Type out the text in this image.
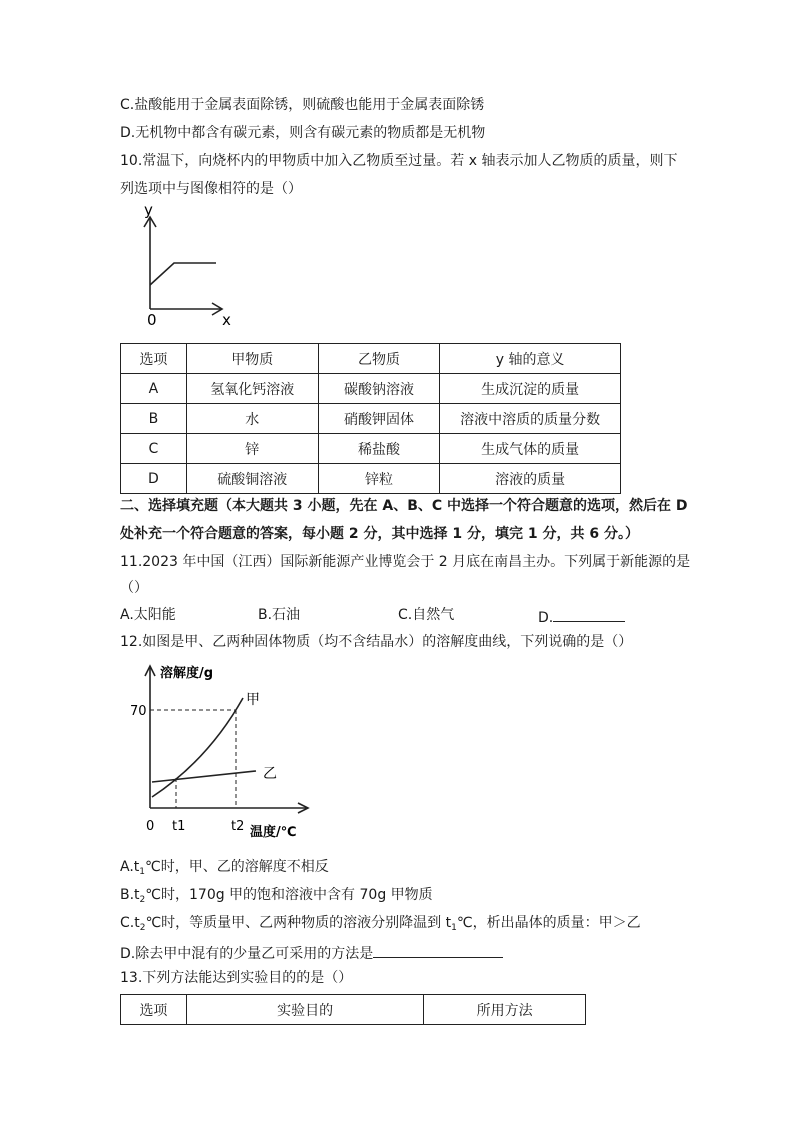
C.盐酸能用于金属表面除锈，则硫酸也能用于金属表面除锈
D.无机物中都含有碳元素，则含有碳元素的物质都是无机物
10.常温下，向烧杯内的甲物质中加入乙物质至过量。若 x 轴表示加人乙物质的质量，则下
列选项中与图像相符的是（）
y
x
0
选项	甲物质	乙物质	y 轴的意义
A	氢氧化钙溶液	碳酸钠溶液	生成沉淀的质量
B	水	硝酸钾固体	溶液中溶质的质量分数
C	锌	稀盐酸	生成气体的质量
D	硫酸铜溶液	锌粒	溶液的质量
二、选择填充题（本大题共 3 小题，先在 A、B、C 中选择一个符合题意的选项，然后在 D
处补充一个符合题意的答案，每小题 2 分，其中选择 1 分，填完 1 分，共 6 分。）
11.2023 年中国（江西）国际新能源产业博览会于 2 月底在南昌主办。下列属于新能源的是
（）
A.太阳能	B.石油	C.自然气	D.
12.如图是甲、乙两种固体物质（均不含结晶水）的溶解度曲线，下列说确的是（）
溶解度/g
70
0 t1	t2 温度/℃
甲
乙
$A.t_1℃$时，甲、乙的溶解度不相反
$B.t_2℃$时，170g 甲的饱和溶液中含有 70g 甲物质
$C.t_2℃$时，等质量甲、乙两种物质的溶液分别降温到 $t_1℃$，析出晶体的质量：甲＞乙
D.除去甲中混有的少量乙可采用的方法是
13.下列方法能达到实验目的的是（）
选项	实验目的	所用方法
